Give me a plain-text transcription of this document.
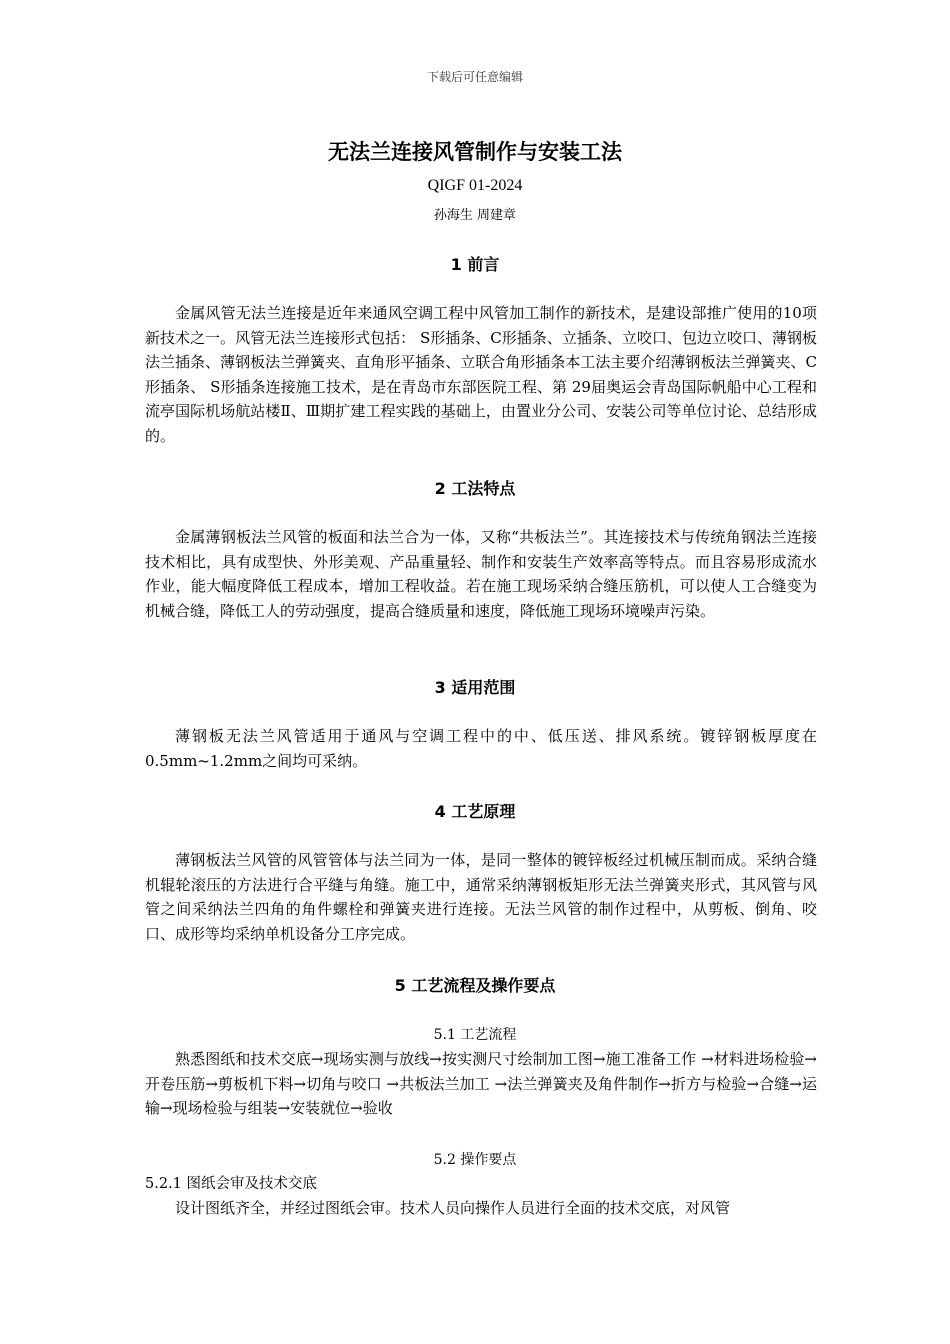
下载后可任意编辑
无法兰连接风管制作与安装工法
QIGF 01-2024
孙海生 周建章
1 前言

金属风管无法兰连接是近年来通风空调工程中风管加工制作的新技术，是建设部推广使用的10项新技术之一。风管无法兰连接形式包括： S形插条、C形插条、立插条、立咬口、包边立咬口、薄钢板法兰插条、薄钢板法兰弹簧夹、直角形平插条、立联合角形插条本工法主要介绍薄钢板法兰弹簧夹、C形插条、 S形插条连接施工技术，是在青岛市东部医院工程、第 29届奥运会青岛国际帆船中心工程和流亭国际机场航站楼Ⅱ、Ⅲ期扩建工程实践的基础上，由置业分公司、安装公司等单位讨论、总结形成的。

2 工法特点

金属薄钢板法兰风管的板面和法兰合为一体，又称“共板法兰”。其连接技术与传统角钢法兰连接技术相比，具有成型快、外形美观、产品重量轻、制作和安装生产效率高等特点。而且容易形成流水作业，能大幅度降低工程成本，增加工程收益。若在施工现场采纳合缝压筋机，可以使人工合缝变为机械合缝，降低工人的劳动强度，提高合缝质量和速度，降低施工现场环境噪声污染。

3 适用范围

薄钢板无法兰风管适用于通风与空调工程中的中、低压送、排风系统。镀锌钢板厚度在0.5mm~1.2mm之间均可采纳。

4 工艺原理

薄钢板法兰风管的风管管体与法兰同为一体，是同一整体的镀锌板经过机械压制而成。采纳合缝机辊轮滚压的方法进行合平缝与角缝。施工中，通常采纳薄钢板矩形无法兰弹簧夹形式，其风管与风管之间采纳法兰四角的角件螺栓和弹簧夹进行连接。无法兰风管的制作过程中，从剪板、倒角、咬口、成形等均采纳单机设备分工序完成。

5 工艺流程及操作要点
5.1 工艺流程

熟悉图纸和技术交底→现场实测与放线→按实测尺寸绘制加工图→施工准备工作 →材料进场检验→开卷压筋→剪板机下料→切角与咬口 →共板法兰加工 →法兰弹簧夹及角件制作→折方与检验→合缝→运输→现场检验与组装→安装就位→验收

5.2 操作要点
5.2.1 图纸会审及技术交底

设计图纸齐全，并经过图纸会审。技术人员向操作人员进行全面的技术交底，对风管
